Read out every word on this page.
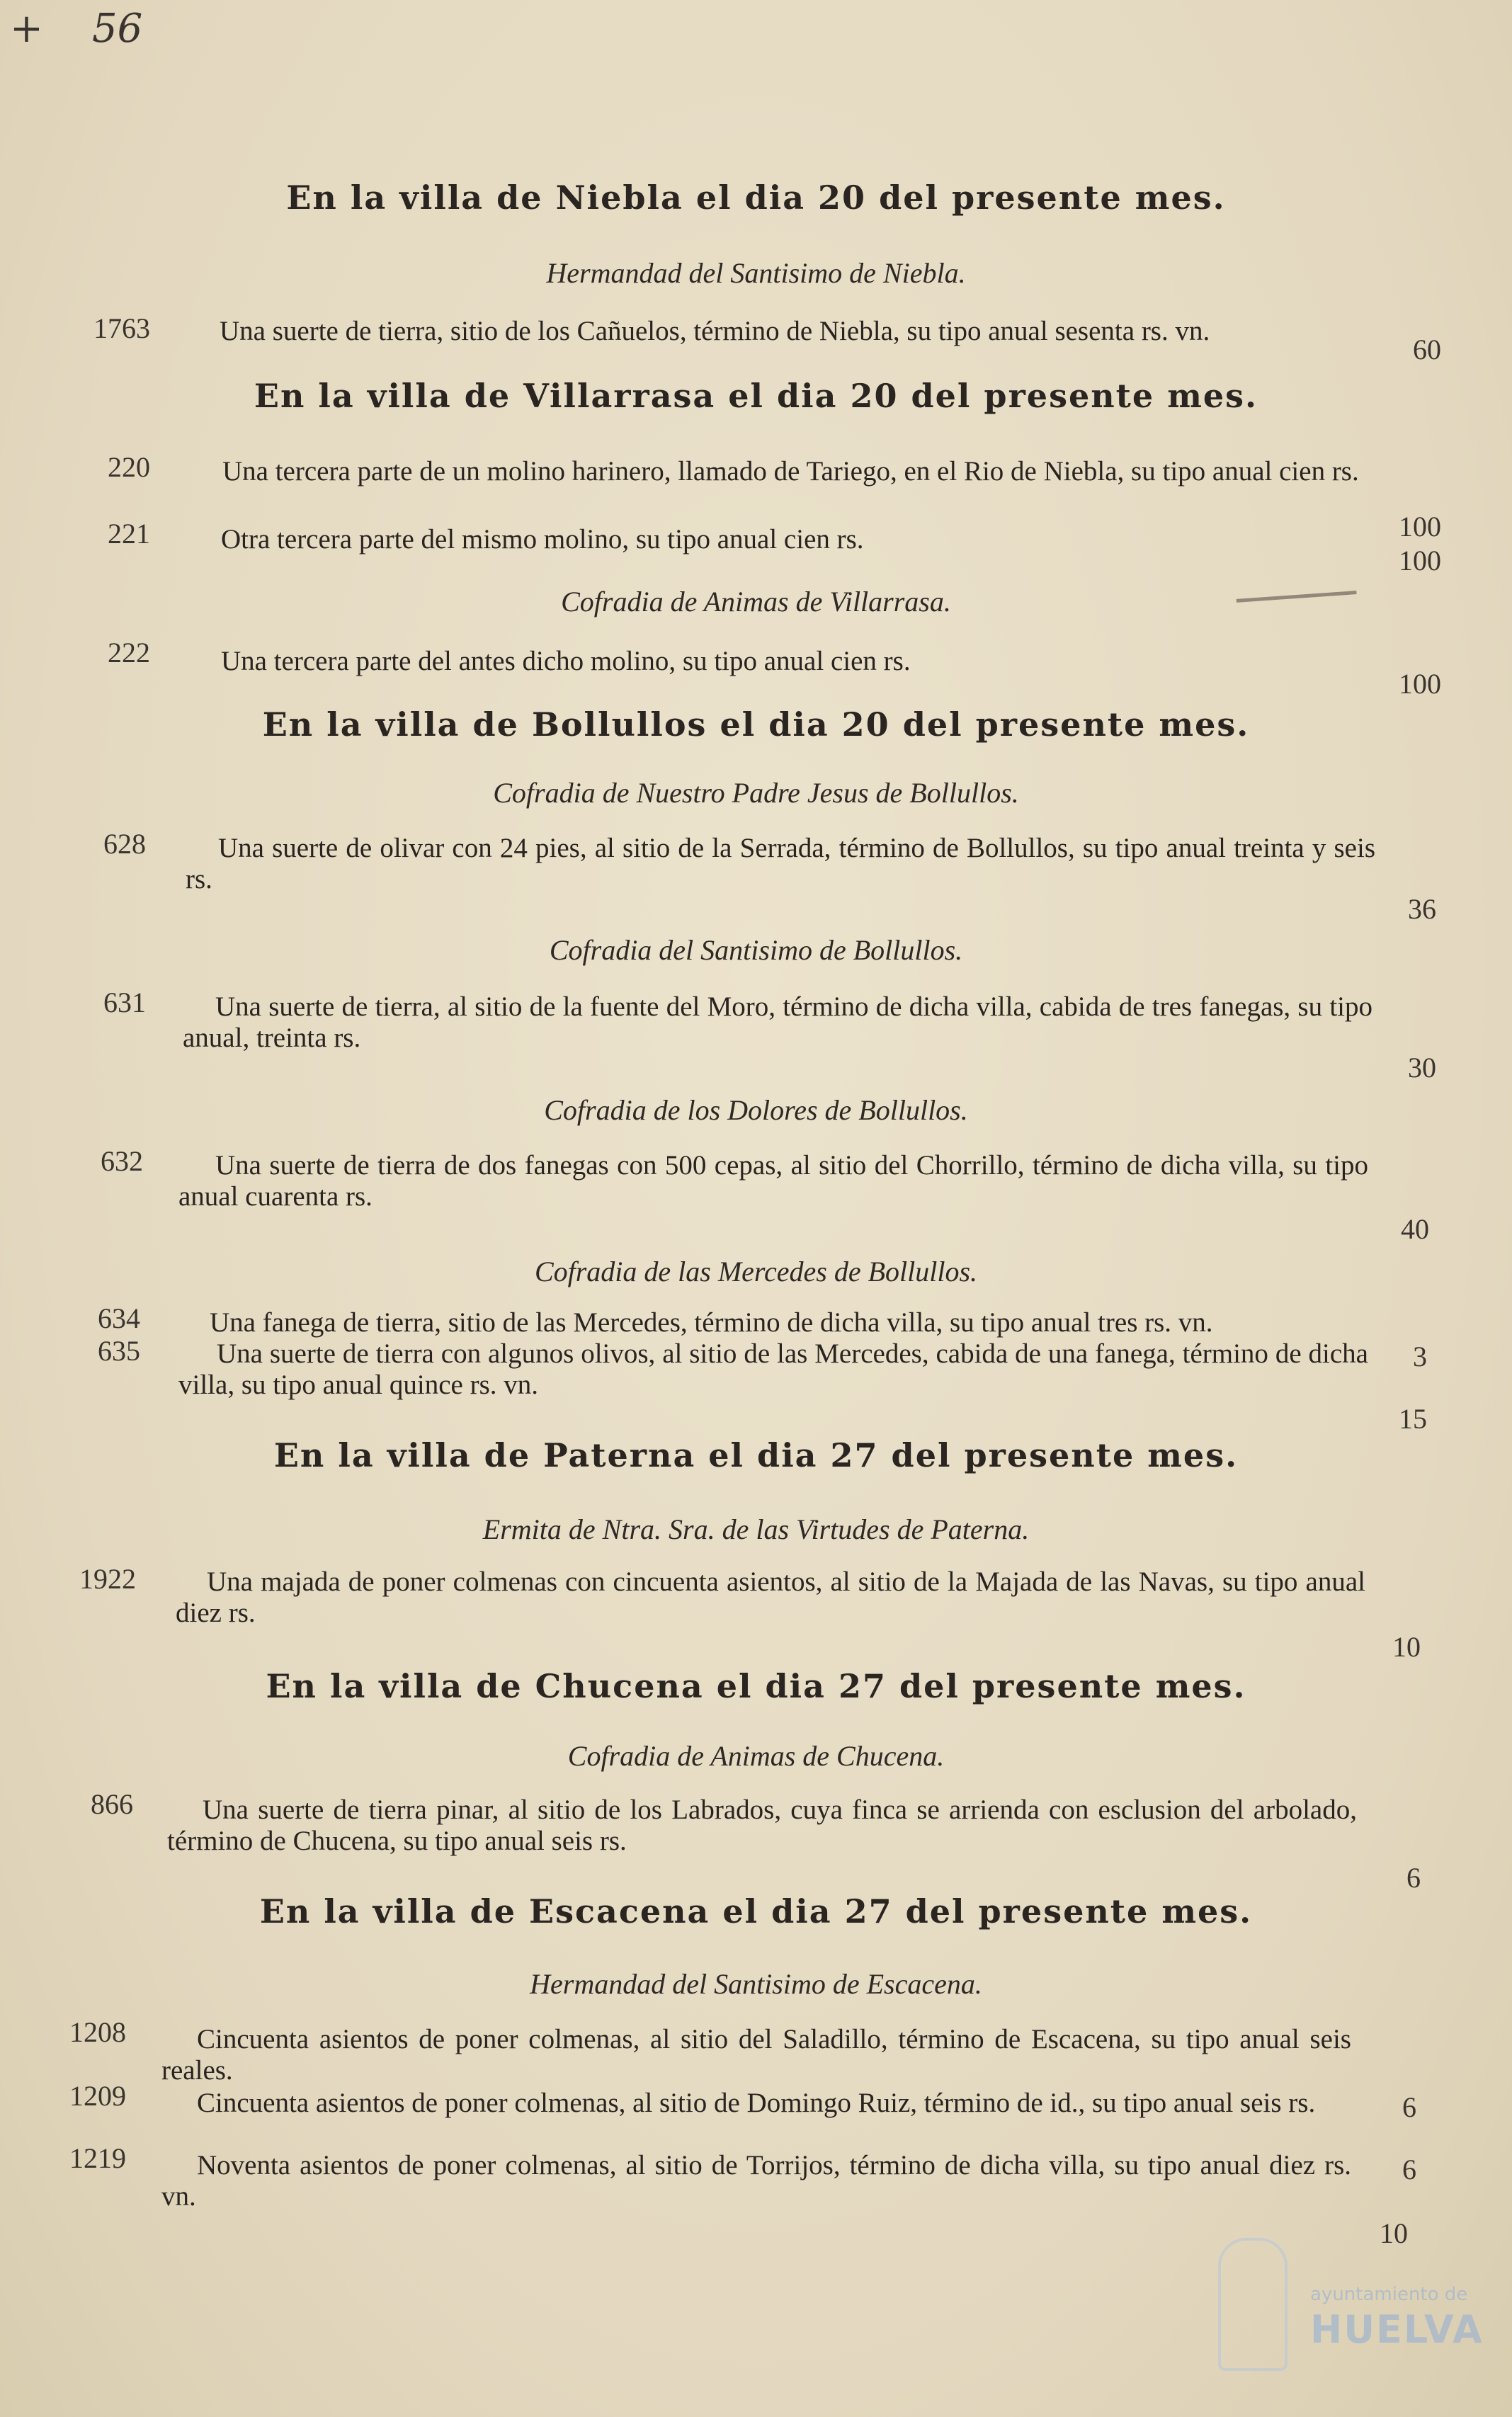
+ 56
En la villa de Niebla el dia 20 del presente mes.
Hermandad del Santisimo de Niebla.
1763	Una suerte de tierra, sitio de los Cañuelos, término de Niebla, su tipo anual sesenta rs. vn.
60
En la villa de Villarrasa el dia 20 del presente mes.
220	Una tercera parte de un molino harinero, llamado de Tariego, en el Rio de Niebla, su tipo anual cien rs.
100
221	Otra tercera parte del mismo molino, su tipo anual cien rs.
100
Cofradia de Animas de Villarrasa.
222	Una tercera parte del antes dicho molino, su tipo anual cien rs.
100
En la villa de Bollullos el dia 20 del presente mes.
Cofradia de Nuestro Padre Jesus de Bollullos.
628	Una suerte de olivar con 24 pies, al sitio de la Serrada, término de Bollullos, su tipo anual treinta y seis rs.
36
Cofradia del Santisimo de Bollullos.
631	Una suerte de tierra, al sitio de la fuente del Moro, término de dicha villa, cabida de tres fanegas, su tipo anual, treinta rs.
30
Cofradia de los Dolores de Bollullos.
632	Una suerte de tierra de dos fanegas con 500 cepas, al sitio del Chorrillo, término de dicha villa, su tipo anual cuarenta rs.
40
Cofradia de las Mercedes de Bollullos.
634	Una fanega de tierra, sitio de las Mercedes, término de dicha villa, su tipo anual tres rs. vn.
3
635	Una suerte de tierra con algunos olivos, al sitio de las Mercedes, cabida de una fanega, término de dicha villa, su tipo anual quince rs. vn.
15
En la villa de Paterna el dia 27 del presente mes.
Ermita de Ntra. Sra. de las Virtudes de Paterna.
1922	Una majada de poner colmenas con cincuenta asientos, al sitio de la Majada de las Navas, su tipo anual diez rs.
10
En la villa de Chucena el dia 27 del presente mes.
Cofradia de Animas de Chucena.
866	Una suerte de tierra pinar, al sitio de los Labrados, cuya finca se arrienda con esclusion del arbolado, término de Chucena, su tipo anual seis rs.
6
En la villa de Escacena el dia 27 del presente mes.
Hermandad del Santisimo de Escacena.
1208	Cincuenta asientos de poner colmenas, al sitio del Saladillo, término de Escacena, su tipo anual seis reales.
6
1209	Cincuenta asientos de poner colmenas, al sitio de Domingo Ruiz, término de id., su tipo anual seis rs.
6
1219	Noventa asientos de poner colmenas, al sitio de Torrijos, término de dicha villa, su tipo anual diez rs. vn.
10
ayuntamiento de
HUELVA
